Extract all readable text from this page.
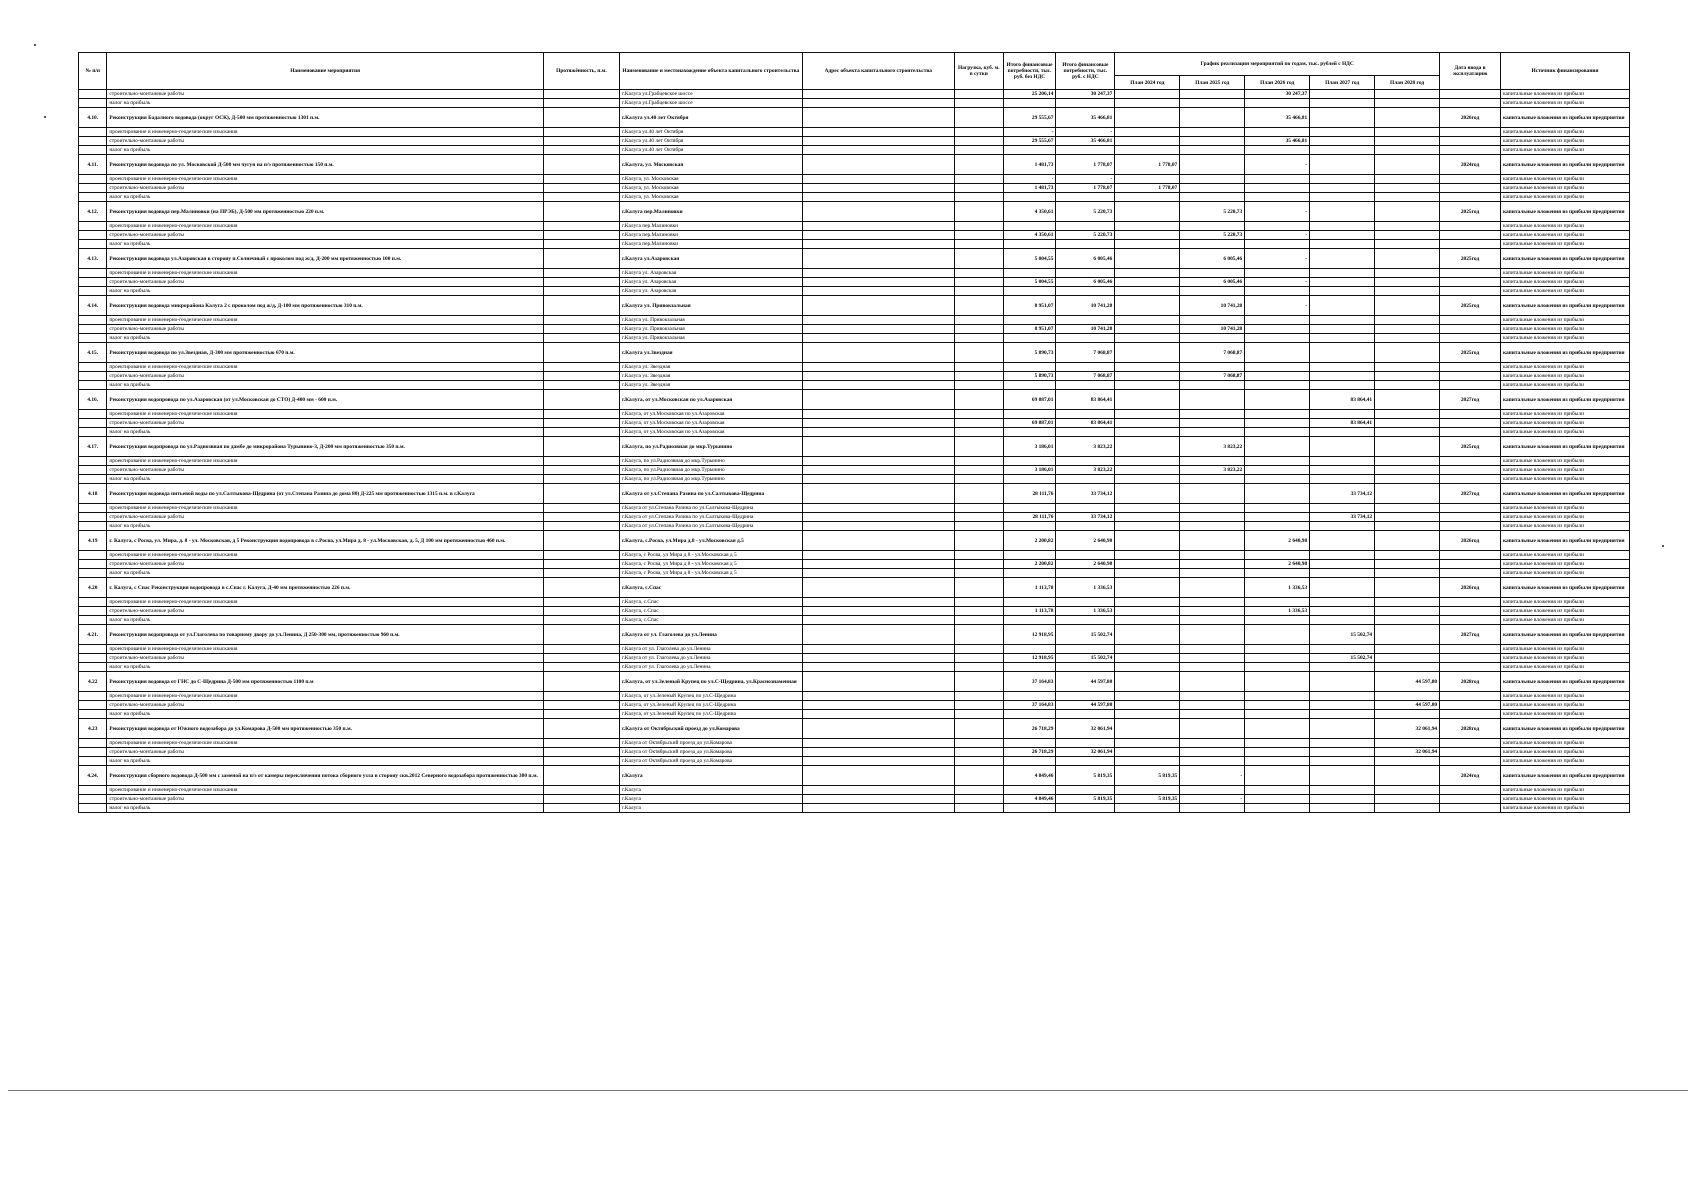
№ п/п	Наименование мероприятия	Протяжённость, п.м.	Наименование и местонахождение объекта капитального строительства	Адрес объекта капитального строительства	Нагрузка, куб. м. в сутки	Итого финансовые потребности, тыс. руб. без НДС	Итого финансовые потребности, тыс. руб. с НДС	График реализации мероприятий по годам, тыс. рублей с НДС					Дата ввода в эксплуатацию	Источник финансирования
								План 2024 год	План 2025 год	План 2026 год	План 2027 год	План 2028 год		
	строительно-монтажные работы		г.Калуга ул.Грабцевское шоссе			25 206,14	30 247,37			30 247,37				капитальные вложения из прибыли
	налог на прибыль		г.Калуга ул.Грабцевское шоссе											капитальные вложения из прибыли
4.10.	Реконструкция Бадалного водовода (округ ОСК), Д-500 мм протяженностью 1301 п.м.		г.Калуга ул.40 лет Октября			29 555,67	35 466,81			35 466,81			2026год	капитальные вложения из прибыли предприятия
	проектирование и инженерно-геодезические изыскания		г.Калуга ул.40 лет Октября			-	-							капитальные вложения из прибыли
	строительно-монтажные работы		г.Калуга ул.40 лет Октября			29 555,67	35 466,81			35 466,81				капитальные вложения из прибыли
	налог на прибыль		г.Калуга ул.40 лет Октября											капитальные вложения из прибыли
4.11.	Реконструкция водовода по ул. Московской Д-500 мм чугун на п/э протяженностью 150 п.м.		г.Калуга, ул. Московская			1 481,73	1 778,07	1 778,07		-			2024год	капитальные вложения из прибыли предприятия
	проектирование и инженерно-геодезические изыскания		г.Калуга, ул. Московская			-	-							капитальные вложения из прибыли
	строительно-монтажные работы		г.Калуга, ул. Московская			1 481,73	1 778,07	1 778,07						капитальные вложения из прибыли
	налог на прибыль		г.Калуга, ул. Московская											капитальные вложения из прибыли
4.12.	Реконструкция водовода пер.Малиновки (на ПРЭБ), Д-500 мм протяженностью 220 п.м.		г.Калуга пер.Малиновки			4 350,61	5 220,73		5 220,73	-			2025год	капитальные вложения из прибыли предприятия
	проектирование и инженерно-геодезические изыскания		г.Калуга пер.Малиновки											капитальные вложения из прибыли
	строительно-монтажные работы		г.Калуга пер.Малиновки			4 350,61	5 220,73		5 220,73	-				капитальные вложения из прибыли
	налог на прибыль		г.Калуга пер.Малиновки											капитальные вложения из прибыли
4.13.	Реконструкция водовода ул.Азаровская в сторону п.Солнечный с проколом под ж/д, Д-200 мм протяженностью 100 п.м.		г.Калуга ул.Азаровская			5 004,55	6 005,46		6 005,46	-			2025год	капитальные вложения из прибыли предприятия
	проектирование и инженерно-геодезические изыскания		г.Калуга ул. Азаровская											капитальные вложения из прибыли
	строительно-монтажные работы		г.Калуга ул. Азаровская			5 004,55	6 005,46		6 005,46	-				капитальные вложения из прибыли
	налог на прибыль		г.Калуга ул. Азаровская											капитальные вложения из прибыли
4.14.	Реконструкция водовода микрорайона Калуга 2 с проколом под ж/д, Д-100 мм протяженностью 310 п.м.		г.Калуга ул. Привокзальная			8 951,07	10 741,28		10 741,28	-			2025год	капитальные вложения из прибыли предприятия
	проектирование и инженерно-геодезические изыскания		г.Калуга ул. Привокзальная											капитальные вложения из прибыли
	строительно-монтажные работы		г.Калуга ул. Привокзальная			8 951,07	10 741,28		10 741,28					капитальные вложения из прибыли
	налог на прибыль		г.Калуга ул. Привокзальная											капитальные вложения из прибыли
4.15.	Реконструкция водовода по ул.Звездная, Д-300 мм протяженностью 670 п.м.		г.Калуга ул.Звездная			5 890,73	7 068,87		7 068,87				2025год	капитальные вложения из прибыли предприятия
	проектирование и инженерно-геодезические изыскания		г.Калуга ул. Звездная											капитальные вложения из прибыли
	строительно-монтажные работы		г.Калуга ул. Звездная			5 890,73	7 068,87		7 068,87					капитальные вложения из прибыли
	налог на прибыль		г.Калуга ул. Звездная											капитальные вложения из прибыли
4.16.	Реконструкция водопровода по ул.Азаровская (от ул.Московская до СТО) Д-400 мм - 600 п.м.		г.Калуга, от ул.Московская по ул.Азаровская			69 887,01	83 864,41				83 864,41		2027год	капитальные вложения из прибыли предприятия
	проектирование и инженерно-геодезические изыскания		г.Калуга, от ул.Московская по ул.Азаровская											капитальные вложения из прибыли
	строительно-монтажные работы		г.Калуга, от ул.Московская по ул.Азаровская			69 887,01	83 864,41				83 864,41			капитальные вложения из прибыли
	налог на прибыль		г.Калуга, от ул.Московская по ул.Азаровская											капитальные вложения из прибыли
4.17.	Реконструкция водопровода по ул.Радиозвная по дамбе до микрорайона Турынино-3, Д-200 мм протяженностью 350 п.м.		г.Калуга, по ул.Радиозвная до мкр.Турынино			3 186,01	3 823,22		3 823,22				2025год	капитальные вложения из прибыли предприятия
	проектирование и инженерно-геодезические изыскания		г.Калуга, по ул.Радиозвная до мкр.Турынино											капитальные вложения из прибыли
	строительно-монтажные работы		г.Калуга, по ул.Радиозвная до мкр.Турынино			3 186,01	3 823,22		3 823,22					капитальные вложения из прибыли
	налог на прибыль		г.Калуга, по ул.Радиозвная до мкр.Турынино											капитальные вложения из прибыли
4.18	Реконструкция водовода питьевой воды по ул.Салтыкова-Щедрина (от ул.Степана Разина до дома 80) Д-225 мм протяженностью 1315 п.м. в г.Калуга		г.Калуга от ул.Степана Разина по ул.Салтыкова-Щедрина			28 111,76	33 734,12				33 734,12		2027год	капитальные вложения из прибыли предприятия
	проектирование и инженерно-геодезические изыскания		г.Калуга от ул.Степана Разина по ул.Салтыкова-Щедрина											капитальные вложения из прибыли
	строительно-монтажные работы		г.Калуга от ул.Степана Разина по ул.Салтыкова-Щедрина			28 111,76	33 734,12				33 734,12			капитальные вложения из прибыли
	налог на прибыль		г.Калуга от ул.Степана Разина по ул.Салтыкова-Щедрина											капитальные вложения из прибыли
4.19	г. Калуга, с Росва, ул. Мира, д. 8 - ул. Московская, д 5 Реконструкция водопровода в с.Росва, ул.Мира д. 8 - ул.Московская, д. 5, Д 100 мм протяженностью 460 п.м.		г.Калуга, с.Росва, ул.Мира д.8 - ул.Московская д.5			2 200,82	2 640,98			2 640,98			2026год	капитальные вложения из прибыли предприятия
	проектирование и инженерно-геодезические изыскания		г.Калуга, с Росва, ул Мира д 8 - ул.Московская д 5											капитальные вложения из прибыли
	строительно-монтажные работы		г.Калуга, с Росва, ул Мира д 8 - ул.Московская д 5			2 200,82	2 640,98			2 640,98				капитальные вложения из прибыли
	налог на прибыль		г.Калуга, с Росва, ул Мира д 8 - ул.Московская д 5											капитальные вложения из прибыли
4.20	г. Калуга, с Спас Реконструкция водопровода в с.Спас г. Калуга, Д-40 мм протяженностью 226 п.м.		г.Калуга, с.Спас			1 113,78	1 336,53			1 336,53			2026год	капитальные вложения из прибыли предприятия
	проектирование и инженерно-геодезические изыскания		г.Калуга, с.Спас											капитальные вложения из прибыли
	строительно-монтажные работы		г.Калуга, с.Спас			1 113,78	1 336,53			1 336,53				капитальные вложения из прибыли
	налог на прибыль		г.Калуга, с.Спас											капитальные вложения из прибыли
4.21.	Реконструкция водопровода от ул.Глаголева по товарному двору до ул.Ленина, Д 250-300 мм, протяженностью 960 п.м.		г.Калуга от ул. Глаголева до ул.Ленина			12 918,95	15 502,74				15 502,74		2027год	капитальные вложения из прибыли предприятия
	проектирование и инженерно-геодезические изыскания		г.Калуга от ул. Глаголева до ул.Ленина											капитальные вложения из прибыли
	строительно-монтажные работы		г.Калуга от ул. Глаголева до ул.Ленина			12 918,95	15 502,74				15 502,74			капитальные вложения из прибыли
	налог на прибыль		г.Калуга от ул. Глаголева до ул.Ленина											капитальные вложения из прибыли
4.22	Реконструкция водовода от ГНС до С-Щедрина Д-500 мм протяженностью 1100 п.м		г.Калуга, от ул.Зеленый Крупец по ул.С-Щедрина, ул.Краснознаменная			37 164,83	44 597,80					44 597,80	2028год	капитальные вложения из прибыли предприятия
	проектирование и инженерно-геодезические изыскания		г.Калуга, от ул.Зеленый Крупец по ул.С-Щедрина											капитальные вложения из прибыли
	строительно-монтажные работы		г.Калуга, от ул.Зеленый Крупец по ул.С-Щедрина			37 164,83	44 597,80					44 597,80		капитальные вложения из прибыли
	налог на прибыль		г.Калуга, от ул.Зеленый Крупец по ул.С-Щедрина											капитальные вложения из прибыли
4.23	Реконструкция водовода от Южного водозабора до ул.Комарова Д-500 мм протяженностью 350 п.м.		г.Калуга от Октябрьский проезд до ул.Комарова			26 718,29	32 061,94					32 061,94	2028год	капитальные вложения из прибыли предприятия
	проектирование и инженерно-геодезические изыскания		г.Калуга от Октябрьский проезд до ул.Комарова											капитальные вложения из прибыли
	строительно-монтажные работы		г.Калуга от Октябрьский проезд до ул.Комарова			26 718,29	32 061,94					32 061,94		капитальные вложения из прибыли
	налог на прибыль		г.Калуга от Октябрьский проезд до ул.Комарова											капитальные вложения из прибыли
4.24.	Реконструкция сборного водовода Д-500 мм с заменой на п/э от камеры переключения потока сборного узла в сторону скв.2012 Северного водозабора протяженностью 300 п.м.		г.Калуга			4 849,46	5 819,35	5 819,35	-				2024год	капитальные вложения из прибыли предприятия
	проектирование и инженерно-геодезические изыскания		г.Калуга											капитальные вложения из прибыли
	строительно-монтажные работы		г.Калуга			4 849,46	5 819,35	5 819,35	-					капитальные вложения из прибыли
	налог на прибыль		г.Калуга											капитальные вложения из прибыли
